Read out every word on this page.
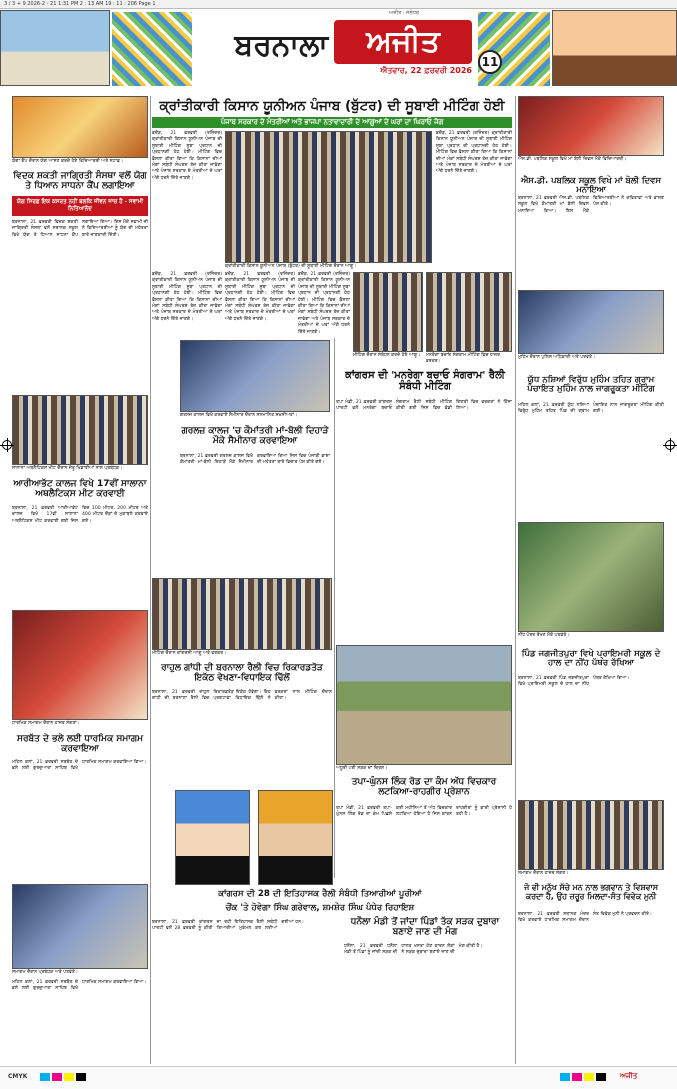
3 / 3 + 9 2026-2 - 21 1:31 PM 2 : 13 AM 19 : 11 : 206 Page 1
ਬਰਨਾਲਾ	ਅਜੀਤ
ਅਜੀਤ · ਜਲੰਧਰ
ਐਤਵਾਰ, 22 ਫ਼ਰਵਰੀ 2026
11
ਕ੍ਰਾਂਤੀਕਾਰੀ ਕਿਸਾਨ ਯੂਨੀਅਨ ਪੰਜਾਬ (ਬੁੱਟਰ) ਦੀ ਸੂਬਾਈ ਮੀਟਿੰਗ ਹੋਈ
ਪੰਜਾਬ ਸਰਕਾਰ ਦੇ ਮੰਤਰੀਆਂ ਅਤੇ ਭਾਜਪਾ ਨਤਾਵਾਦਾਰੀ ਦੇ ਆਗੂਆਂ ਦੇ ਘਰਾਂ ਦਾ ਘਿਰਾਓ ਜੋਗ
ਭਦੌੜ, 21 ਫ਼ਰਵਰੀ (ਰਜਿੰਦਰ) ਕ੍ਰਾਂਤੀਕਾਰੀ ਕਿਸਾਨ ਯੂਨੀਅਨ ਪੰਜਾਬ ਦੀ ਸੂਬਾਈ ਮੀਟਿੰਗ ਸੂਬਾ ਪ੍ਰਧਾਨ ਦੀ ਪ੍ਰਧਾਨਗੀ ਹੇਠ ਹੋਈ। ਮੀਟਿੰਗ ਵਿਚ ਫ਼ੈਸਲਾ ਕੀਤਾ ਗਿਆ ਕਿ ਕਿਸਾਨਾਂ ਦੀਆਂ ਮੰਗਾਂ ਸਬੰਧੀ ਸੰਘਰਸ਼ ਤੇਜ਼ ਕੀਤਾ ਜਾਵੇਗਾ ਅਤੇ ਪੰਜਾਬ ਸਰਕਾਰ ਦੇ ਮੰਤਰੀਆਂ ਦੇ ਘਰਾਂ ਅੱਗੇ ਧਰਨੇ ਦਿੱਤੇ ਜਾਣਗੇ।
ਭਦੌੜ, 21 ਫ਼ਰਵਰੀ (ਰਜਿੰਦਰ) ਕ੍ਰਾਂਤੀਕਾਰੀ ਕਿਸਾਨ ਯੂਨੀਅਨ ਪੰਜਾਬ ਦੀ ਸੂਬਾਈ ਮੀਟਿੰਗ ਸੂਬਾ ਪ੍ਰਧਾਨ ਦੀ ਪ੍ਰਧਾਨਗੀ ਹੇਠ ਹੋਈ। ਮੀਟਿੰਗ ਵਿਚ ਫ਼ੈਸਲਾ ਕੀਤਾ ਗਿਆ ਕਿ ਕਿਸਾਨਾਂ ਦੀਆਂ ਮੰਗਾਂ ਸਬੰਧੀ ਸੰਘਰਸ਼ ਤੇਜ਼ ਕੀਤਾ ਜਾਵੇਗਾ ਅਤੇ ਪੰਜਾਬ ਸਰਕਾਰ ਦੇ ਮੰਤਰੀਆਂ ਦੇ ਘਰਾਂ ਅੱਗੇ ਧਰਨੇ ਦਿੱਤੇ ਜਾਣਗੇ।
ਕ੍ਰਾਂਤੀਕਾਰੀ ਕਿਸਾਨ ਯੂਨੀਅਨ ਪੰਜਾਬ (ਬੁੱਟਰ) ਦੀ ਸੂਬਾਈ ਮੀਟਿੰਗ ਦੌਰਾਨ ਆਗੂ।
ਯੋਗਾ ਕੈਂਪ ਦੌਰਾਨ ਯੋਗ ਆਸਣ ਕਰਦੇ ਹੋਏ ਵਿਦਿਆਰਥੀ ਅਤੇ ਸਟਾਫ਼।
ਵਿਦਕ ਸ਼ਕਤੀ ਜਾਗ੍ਰਿਤੀ ਸੰਸਥਾ ਵਲੋਂ ਯੋਗ ਤੇ ਧਿਆਨ ਸਾਧਨਾ ਕੈਂਪ ਲਗਾਇਆ
ਯੋਗ ਸਿਰਫ਼ ਇਕ ਕਸਰਤ ਨਹੀਂ ਬਲਕਿ ਜੀਵਨ ਜਾਚ ਹੈ - ਸਵਾਮੀ ਨਿਤਿਆਨੰਦ
ਬਰਨਾਲਾ, 21 ਫ਼ਰਵਰੀ ਵਿਦਕ ਸ਼ਕਤੀ ਜਾਗ੍ਰਿਤੀ ਸੰਸਥਾ ਵਲੋਂ ਸਥਾਨਕ ਸਕੂਲ ਵਿਖੇ ਯੋਗ ਤੇ ਧਿਆਨ ਸਾਧਨਾ ਕੈਂਪ ਲਗਾਇਆ ਗਿਆ। ਇਸ ਮੌਕੇ ਸਵਾਮੀ ਜੀ ਨੇ ਵਿਦਿਆਰਥੀਆਂ ਨੂੰ ਯੋਗ ਦੀ ਮਹੱਤਤਾ ਬਾਰੇ ਜਾਣਕਾਰੀ ਦਿੱਤੀ।
ਸਾਲਾਨਾ ਅਥਲੈਟਿਕਸ ਮੀਟ ਦੌਰਾਨ ਜੇਤੂ ਖਿਡਾਰੀਆਂ ਨਾਲ ਪ੍ਰਬੰਧਕ।
ਆਰੀਆਭੱਟ ਕਾਲਜ ਵਿਖੇ 17ਵੀਂ ਸਾਲਾਨਾ ਅਥਲੈਟਿਕਸ ਮੀਟ ਕਰਵਾਈ
ਬਰਨਾਲਾ, 21 ਫ਼ਰਵਰੀ ਆਰੀਆਭੱਟ ਕਾਲਜ ਵਿਖੇ 17ਵੀਂ ਸਾਲਾਨਾ ਅਥਲੈਟਿਕਸ ਮੀਟ ਕਰਵਾਈ ਗਈ ਜਿਸ ਵਿਚ 100 ਮੀਟਰ, 200 ਮੀਟਰ ਅਤੇ 400 ਮੀਟਰ ਦੌੜਾਂ ਦੇ ਮੁਕਾਬਲੇ ਕਰਵਾਏ ਗਏ।
ਧਾਰਮਿਕ ਸਮਾਗਮ ਦੌਰਾਨ ਹਾਜ਼ਰ ਸੰਗਤਾਂ।
ਸਰਬੱਤ ਦੇ ਭਲੇ ਲਈ ਧਾਰਮਿਕ ਸਮਾਗਮ ਕਰਵਾਇਆ
ਮਹਿਲ ਕਲਾਂ, 21 ਫ਼ਰਵਰੀ ਸਰਬੱਤ ਦੇ ਭਲੇ ਲਈ ਗੁਰਦੁਆਰਾ ਸਾਹਿਬ ਵਿਖੇ ਧਾਰਮਿਕ ਸਮਾਗਮ ਕਰਵਾਇਆ ਗਿਆ।
ਸਮਾਗਮ ਦੌਰਾਨ ਪ੍ਰਬੰਧਕ ਅਤੇ ਪਤਵੰਤੇ।
ਮਹਿਲ ਕਲਾਂ, 21 ਫ਼ਰਵਰੀ ਸਰਬੱਤ ਦੇ ਭਲੇ ਲਈ ਗੁਰਦੁਆਰਾ ਸਾਹਿਬ ਵਿਖੇ ਧਾਰਮਿਕ ਸਮਾਗਮ ਕਰਵਾਇਆ ਗਿਆ।
ਭਦੌੜ, 21 ਫ਼ਰਵਰੀ (ਰਜਿੰਦਰ) ਕ੍ਰਾਂਤੀਕਾਰੀ ਕਿਸਾਨ ਯੂਨੀਅਨ ਪੰਜਾਬ ਦੀ ਸੂਬਾਈ ਮੀਟਿੰਗ ਸੂਬਾ ਪ੍ਰਧਾਨ ਦੀ ਪ੍ਰਧਾਨਗੀ ਹੇਠ ਹੋਈ। ਮੀਟਿੰਗ ਵਿਚ ਫ਼ੈਸਲਾ ਕੀਤਾ ਗਿਆ ਕਿ ਕਿਸਾਨਾਂ ਦੀਆਂ ਮੰਗਾਂ ਸਬੰਧੀ ਸੰਘਰਸ਼ ਤੇਜ਼ ਕੀਤਾ ਜਾਵੇਗਾ ਅਤੇ ਪੰਜਾਬ ਸਰਕਾਰ ਦੇ ਮੰਤਰੀਆਂ ਦੇ ਘਰਾਂ ਅੱਗੇ ਧਰਨੇ ਦਿੱਤੇ ਜਾਣਗੇ।
ਭਦੌੜ, 21 ਫ਼ਰਵਰੀ (ਰਜਿੰਦਰ) ਕ੍ਰਾਂਤੀਕਾਰੀ ਕਿਸਾਨ ਯੂਨੀਅਨ ਪੰਜਾਬ ਦੀ ਸੂਬਾਈ ਮੀਟਿੰਗ ਸੂਬਾ ਪ੍ਰਧਾਨ ਦੀ ਪ੍ਰਧਾਨਗੀ ਹੇਠ ਹੋਈ। ਮੀਟਿੰਗ ਵਿਚ ਫ਼ੈਸਲਾ ਕੀਤਾ ਗਿਆ ਕਿ ਕਿਸਾਨਾਂ ਦੀਆਂ ਮੰਗਾਂ ਸਬੰਧੀ ਸੰਘਰਸ਼ ਤੇਜ਼ ਕੀਤਾ ਜਾਵੇਗਾ ਅਤੇ ਪੰਜਾਬ ਸਰਕਾਰ ਦੇ ਮੰਤਰੀਆਂ ਦੇ ਘਰਾਂ ਅੱਗੇ ਧਰਨੇ ਦਿੱਤੇ ਜਾਣਗੇ।
ਗਰਲਜ਼ ਕਾਲਜ ਵਿਖੇ ਕਰਵਾਏ ਸੈਮੀਨਾਰ ਦੌਰਾਨ ਸਨਮਾਨਿਤ ਸ਼ਖ਼ਸੀਅਤਾਂ।
ਗਰਲਜ਼ ਕਾਲਜ 'ਚ ਕੌਮਾਂਤਰੀ ਮਾਂ-ਬੋਲੀ ਦਿਹਾੜੇ ਮੌਕੇ ਸੈਮੀਨਾਰ ਕਰਵਾਇਆ
ਬਰਨਾਲਾ, 21 ਫ਼ਰਵਰੀ ਗਰਲਜ਼ ਕਾਲਜ ਵਿਖੇ ਕੌਮਾਂਤਰੀ ਮਾਂ-ਬੋਲੀ ਦਿਹਾੜੇ ਮੌਕੇ ਸੈਮੀਨਾਰ ਕਰਵਾਇਆ ਗਿਆ ਜਿਸ ਵਿਚ ਪੰਜਾਬੀ ਭਾਸ਼ਾ ਦੀ ਮਹੱਤਤਾ ਬਾਰੇ ਵਿਚਾਰ ਪੇਸ਼ ਕੀਤੇ ਗਏ।
ਮੀਟਿੰਗ ਦੌਰਾਨ ਕਾਂਗਰਸੀ ਆਗੂ ਅਤੇ ਵਰਕਰ।
ਰਾਹੁਲ ਗਾਂਧੀ ਦੀ ਬਰਨਾਲਾ ਰੈਲੀ ਵਿਚ ਰਿਕਾਰਡਤੋੜ ਇਕੱਠ ਵੇਖਣਾ-ਵਿਧਾਇਕ ਢਿੱਲੋਂ
ਬਰਨਾਲਾ, 21 ਫ਼ਰਵਰੀ ਰਾਹੁਲ ਗਾਂਧੀ ਦੀ ਬਰਨਾਲਾ ਰੈਲੀ ਵਿਚ ਰਿਕਾਰਡਤੋੜ ਇਕੱਠ ਹੋਵੇਗਾ। ਇਹ ਪ੍ਰਗਟਾਵਾ ਵਿਧਾਇਕ ਢਿੱਲੋਂ ਨੇ ਵਰਕਰਾਂ ਨਾਲ ਮੀਟਿੰਗ ਦੌਰਾਨ ਕੀਤਾ।
ਕਾਂਗਰਸ ਦੀ 28 ਦੀ ਇਤਿਹਾਸਕ ਰੈਲੀ ਸੰਬੰਧੀ ਤਿਆਰੀਆਂ ਪੂਰੀਆਂ
ਚੌਂਕ 'ਤੇ ਹੋਵੇਗਾ ਸਿੰਘ ਗਰੇਵਾਲ, ਸ਼ਮਸ਼ੇਰ ਸਿੰਘ ਪੰਧੇਰ ਰਿਹਾਇਸ਼
ਬਰਨਾਲਾ, 21 ਫ਼ਰਵਰੀ ਕਾਂਗਰਸ ਪਾਰਟੀ ਵਲੋਂ 28 ਫ਼ਰਵਰੀ ਨੂੰ ਕੀਤੀ ਜਾ ਰਹੀ ਇਤਿਹਾਸਕ ਰੈਲੀ ਸਬੰਧੀ ਤਿਆਰੀਆਂ ਮੁਕੰਮਲ ਕਰ ਲਈਆਂ ਗਈਆਂ ਹਨ।
ਭਦੌੜ, 21 ਫ਼ਰਵਰੀ (ਰਜਿੰਦਰ) ਕ੍ਰਾਂਤੀਕਾਰੀ ਕਿਸਾਨ ਯੂਨੀਅਨ ਪੰਜਾਬ ਦੀ ਸੂਬਾਈ ਮੀਟਿੰਗ ਸੂਬਾ ਪ੍ਰਧਾਨ ਦੀ ਪ੍ਰਧਾਨਗੀ ਹੇਠ ਹੋਈ। ਮੀਟਿੰਗ ਵਿਚ ਫ਼ੈਸਲਾ ਕੀਤਾ ਗਿਆ ਕਿ ਕਿਸਾਨਾਂ ਦੀਆਂ ਮੰਗਾਂ ਸਬੰਧੀ ਸੰਘਰਸ਼ ਤੇਜ਼ ਕੀਤਾ ਜਾਵੇਗਾ ਅਤੇ ਪੰਜਾਬ ਸਰਕਾਰ ਦੇ ਮੰਤਰੀਆਂ ਦੇ ਘਰਾਂ ਅੱਗੇ ਧਰਨੇ ਦਿੱਤੇ ਜਾਣਗੇ।
ਮੀਟਿੰਗ ਦੌਰਾਨ ਸੰਬੋਧਨ ਕਰਦੇ ਹੋਏ ਆਗੂ।	ਮਨਰੇਗਾ ਬਚਾਓ ਸੰਗਰਾਮ ਮੀਟਿੰਗ ਵਿਚ ਹਾਜ਼ਰ ਵਰਕਰ।
ਕਾਂਗਰਸ ਦੀ 'ਮਨਰੇਗਾ ਬਚਾਓ ਸੰਗਰਾਮ' ਰੈਲੀ ਸੰਬੰਧੀ ਮੀਟਿੰਗ
ਤਪਾ ਮੰਡੀ, 21 ਫ਼ਰਵਰੀ ਕਾਂਗਰਸ ਪਾਰਟੀ ਵਲੋਂ ਮਨਰੇਗਾ ਬਚਾਓ ਸੰਗਰਾਮ ਰੈਲੀ ਸਬੰਧੀ ਮੀਟਿੰਗ ਕੀਤੀ ਗਈ ਜਿਸ ਵਿਚ ਵੱਡੀ ਗਿਣਤੀ ਵਿਚ ਵਰਕਰਾਂ ਨੇ ਹਿੱਸਾ ਲਿਆ।
ਅਧੂਰੀ ਪਈ ਸੜਕ ਦਾ ਦ੍ਰਿਸ਼।
ਤਪਾ-ਘੁੰਨਸ ਲਿੰਕ ਰੋਡ ਦਾ ਕੰਮ ਅੱਧ ਵਿਚਕਾਰ ਲਟਕਿਆ-ਰਾਹਗੀਰ ਪ੍ਰੇਸ਼ਾਨ
ਤਪਾ ਮੰਡੀ, 21 ਫ਼ਰਵਰੀ ਤਪਾ-ਘੁੰਨਸ ਲਿੰਕ ਰੋਡ ਦਾ ਕੰਮ ਪਿਛਲੇ ਕਈ ਮਹੀਨਿਆਂ ਤੋਂ ਅੱਧ ਵਿਚਕਾਰ ਲਟਕਿਆ ਹੋਇਆ ਹੈ ਜਿਸ ਕਾਰਨ ਰਾਹਗੀਰਾਂ ਨੂੰ ਭਾਰੀ ਪ੍ਰੇਸ਼ਾਨੀ ਹੋ ਰਹੀ ਹੈ।
ਧਨੌਲਾ ਮੰਡੀ ਤੋਂ ਜਾਂਦਾ ਪਿੰਡਾਂ ਤੱਕ ਸੜਕ ਦੁਬਾਰਾ ਬਣਾਏ ਜਾਣ ਦੀ ਮੰਗ
ਧਨੌਲਾ, 21 ਫ਼ਰਵਰੀ ਧਨੌਲਾ ਮੰਡੀ ਤੋਂ ਪਿੰਡਾਂ ਨੂੰ ਜਾਂਦੀ ਸੜਕ ਦੀ ਹਾਲਤ ਖਸਤਾ ਹੋਣ ਕਾਰਨ ਲੋਕਾਂ ਨੇ ਸੜਕ ਦੁਬਾਰਾ ਬਣਾਏ ਜਾਣ ਦੀ ਮੰਗ ਕੀਤੀ ਹੈ।
ਐਸ.ਡੀ. ਪਬਲਿਕ ਸਕੂਲ ਵਿਖੇ ਮਾਂ ਬੋਲੀ ਦਿਵਸ ਮੌਕੇ ਵਿਦਿਆਰਥੀ।
ਐਸ.ਡੀ. ਪਬਲਿਕ ਸਕੂਲ ਵਿਖੇ ਮਾਂ ਬੋਲੀ ਦਿਵਸ ਮਨਾਇਆ
ਬਰਨਾਲਾ, 21 ਫ਼ਰਵਰੀ ਐਸ.ਡੀ. ਪਬਲਿਕ ਸਕੂਲ ਵਿਖੇ ਕੌਮਾਂਤਰੀ ਮਾਂ ਬੋਲੀ ਦਿਵਸ ਮਨਾਇਆ ਗਿਆ। ਇਸ ਮੌਕੇ ਵਿਦਿਆਰਥੀਆਂ ਨੇ ਕਵਿਤਾਵਾਂ ਅਤੇ ਭਾਸ਼ਣ ਪੇਸ਼ ਕੀਤੇ।
ਮੁਹਿੰਮ ਦੌਰਾਨ ਪੁਲਿਸ ਅਧਿਕਾਰੀ ਅਤੇ ਪਤਵੰਤੇ।
ਯੁੱਧ ਨਸ਼ਿਆਂ ਵਿਰੁੱਧ ਮੁਹਿੰਮ ਤਹਿਤ ਗ੍ਰਾਮ ਪੰਚਾਇਤ ਮੁਹਿੰਮ ਨਾਲ ਜਾਗਰੂਕਤਾ ਮੀਟਿੰਗ
ਮਹਿਲ ਕਲਾਂ, 21 ਫ਼ਰਵਰੀ ਯੁੱਧ ਨਸ਼ਿਆਂ ਵਿਰੁੱਧ ਮੁਹਿੰਮ ਤਹਿਤ ਪਿੰਡ ਦੀ ਗ੍ਰਾਮ ਪੰਚਾਇਤ ਨਾਲ ਜਾਗਰੂਕਤਾ ਮੀਟਿੰਗ ਕੀਤੀ ਗਈ।
ਨੀਂਹ ਪੱਥਰ ਰੱਖਣ ਮੌਕੇ ਪਤਵੰਤੇ।
ਪਿੰਡ ਜਗਜੀਤਪੁਰਾ ਵਿਖੇ ਪ੍ਰਾਇਮਰੀ ਸਕੂਲ ਦੇ ਹਾਲ ਦਾ ਨੀਂਹ ਪੱਥਰ ਰੱਖਿਆ
ਬਰਨਾਲਾ, 21 ਫ਼ਰਵਰੀ ਪਿੰਡ ਜਗਜੀਤਪੁਰਾ ਵਿਖੇ ਪ੍ਰਾਇਮਰੀ ਸਕੂਲ ਦੇ ਹਾਲ ਦਾ ਨੀਂਹ ਪੱਥਰ ਰੱਖਿਆ ਗਿਆ।
ਸਮਾਗਮ ਦੌਰਾਨ ਹਾਜ਼ਰ ਸੰਗਤ।
ਜੋ ਵੀ ਮਨੁੱਖ ਸੱਚੇ ਮਨ ਨਾਲ ਭਗਵਾਨ ਤੇ ਵਿਸ਼ਵਾਸ ਕਰਦਾ ਹੈ, ਉਹ ਜ਼ਰੂਰ ਮਿਲਦਾ-ਸੰਤ ਵਿਵੇਕ ਮੁਨੀ
ਬਰਨਾਲਾ, 21 ਫ਼ਰਵਰੀ ਸਥਾਨਕ ਮੰਦਰ ਵਿਖੇ ਕਰਵਾਏ ਧਾਰਮਿਕ ਸਮਾਗਮ ਦੌਰਾਨ ਸੰਤ ਵਿਵੇਕ ਮੁਨੀ ਨੇ ਪ੍ਰਵਚਨ ਕੀਤੇ।
CMYK	ਅਜੀਤ
